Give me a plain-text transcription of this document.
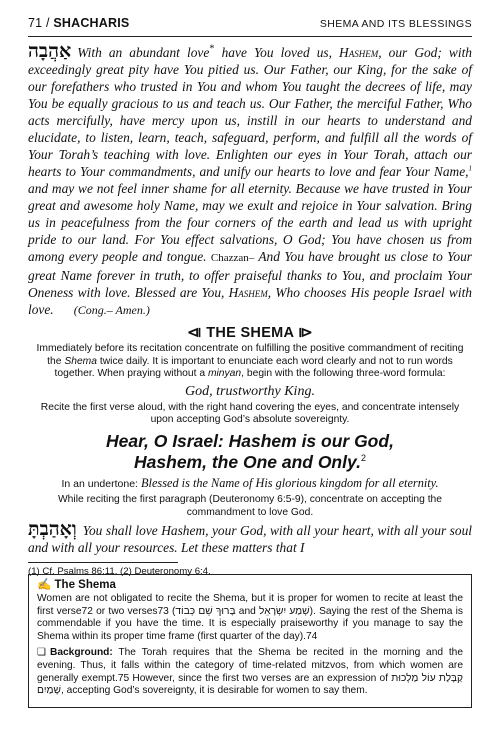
71 / SHACHARIS	SHEMA AND ITS BLESSINGS

אַהֲבָה With an abundant love* have You loved us, Hashem, our God; with exceedingly great pity have You pitied us. Our Father, our King, for the sake of our forefathers who trusted in You and whom You taught the decrees of life, may You be equally gracious to us and teach us. Our Father, the merciful Father, Who acts mercifully, have mercy upon us, instill in our hearts to understand and elucidate, to listen, learn, teach, safeguard, perform, and fulfill all the words of Your Torah’s teaching with love. Enlighten our eyes in Your Torah, attach our hearts to Your commandments, and unify our hearts to love and fear Your Name,$^1$ and may we not feel inner shame for all eternity. Because we have trusted in Your great and awesome holy Name, may we exult and rejoice in Your salvation. Bring us in peacefulness from the four corners of the earth and lead us with upright pride to our land. For You effect salvations, O God; You have chosen us from among every people and tongue. Chazzan– And You have brought us close to Your great Name forever in truth, to offer praiseful thanks to You, and proclaim Your Oneness with love. Blessed are You, Hashem, Who chooses His people Israel with love. (Cong.– Amen.)

⧏ THE SHEMA ⧐

Immediately before its recitation concentrate on fulfilling the positive commandment of reciting the Shema twice daily. It is important to enunciate each word clearly and not to run words together. When praying without a minyan, begin with the following three-word formula:

God, trustworthy King.

Recite the first verse aloud, with the right hand covering the eyes, and concentrate intensely upon accepting God’s absolute sovereignty.

Hear, O Israel: Hashem is our God,
Hashem, the One and Only.$^2$
In an undertone: Blessed is the Name of His glorious kingdom for all eternity.

While reciting the first paragraph (Deuteronomy 6:5-9), concentrate on accepting the commandment to love God.

וְאָהַבְתָּ You shall love Hashem, your God, with all your heart, with all your soul and with all your resources. Let these matters that I

(1) Cf. Psalms 86:11. (2) Deuteronomy 6:4.
✍ The Shema

Women are not obligated to recite the Shema, but it is proper for women to recite at least the first verse72 or two verses73 (בָּרוּךְ שֵׁם כְּבוֹד and שְׁמַע יִשְׂרָאֵל). Saying the rest of the Shema is commendable if you have the time. It is especially praiseworthy if you manage to say the Shema within its proper time frame (first quarter of the day).74

❏ Background: The Torah requires that the Shema be recited in the morning and the evening. Thus, it falls within the category of time-related mitzvos, from which women are generally exempt.75 However, since the first two verses are an expression of קַבָּלַת עוֹל מַלְכוּת שָׁמַיִם, accepting God’s sovereignty, it is desirable for women to say them.
